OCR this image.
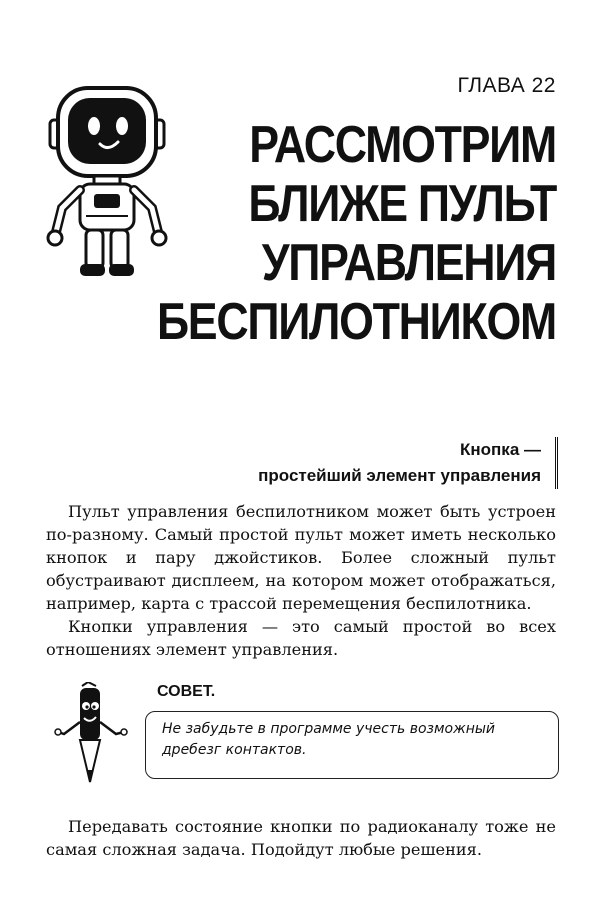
ГЛАВА 22
РАССМОТРИМ
БЛИЖЕ ПУЛЬТ
УПРАВЛЕНИЯ
БЕСПИЛОТНИКОМ
Кнопка —
простейший элемент управления

Пульт управления беспилотником может быть устроен по-разному. Самый простой пульт может иметь несколько кнопок и пару джойстиков. Более сложный пульт обустраивают дисплеем, на котором может отображаться, например, карта с трассой перемещения беспилотника.

Кнопки управления — это самый простой во всех отношениях элемент управления.

СОВЕТ.
Не забудьте в программе учесть возможный дребезг контактов.

Передавать состояние кнопки по радиоканалу тоже не самая сложная задача. Подойдут любые решения.
